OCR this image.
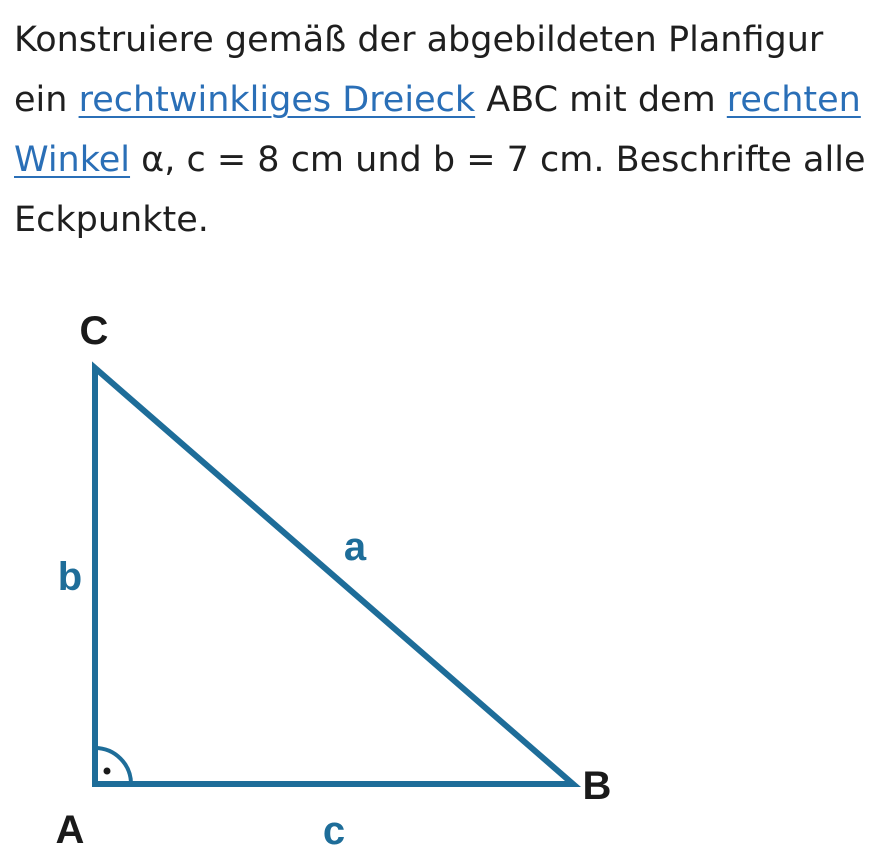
Konstruiere gemäß der abgebildeten Planfigur ein rechtwinkliges Dreieck ABC mit dem rechten Winkel α, c = 8 cm und b = 7 cm. Beschrifte alle Eckpunkte.

A
B
C
a
b
c
